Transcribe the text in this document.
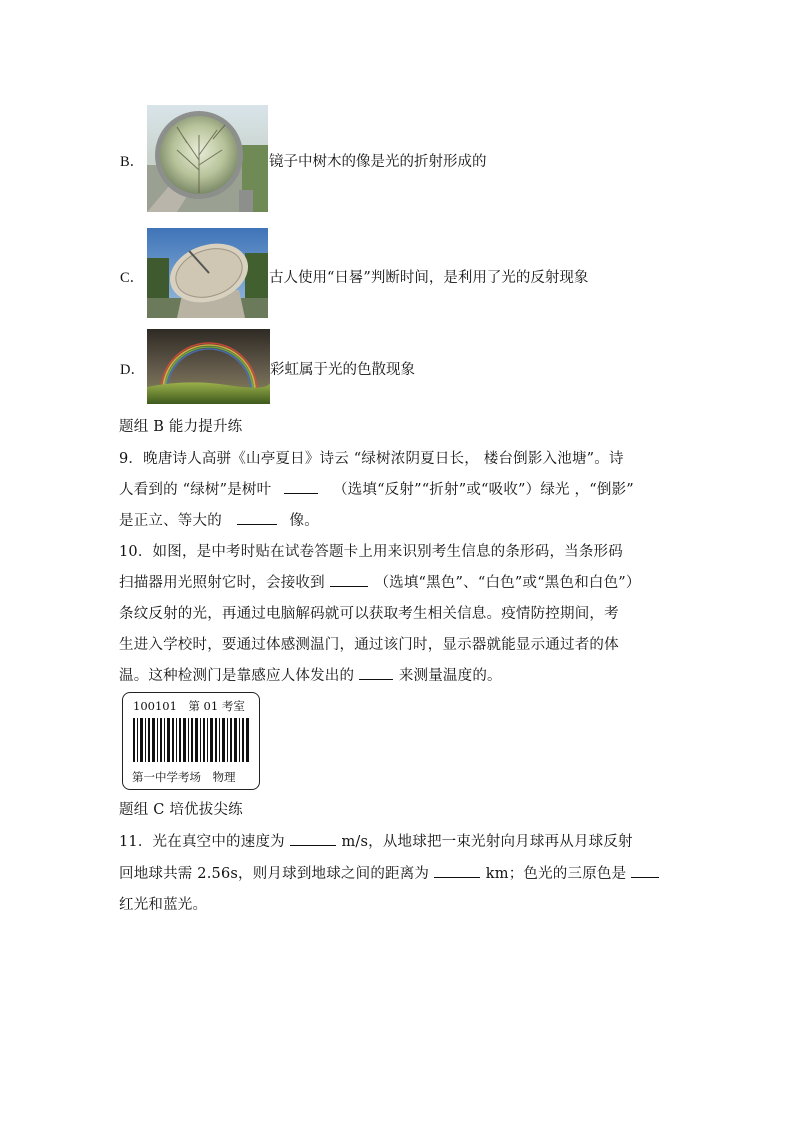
B．	镜子中树木的像是光的折射形成的
C．	古人使用“日晷”判断时间，是利用了光的反射现象
D．	彩虹属于光的色散现象
题组 B 能力提升练
9．晚唐诗人高骈《山亭夏日》诗云 “绿树浓阴夏日长， 楼台倒影入池塘”。诗
人看到的 “绿树”是树叶	（选填“反射”“折射”或“吸收”）绿光 ，“倒影”
是正立、等大的	像。
10．如图，是中考时贴在试卷答题卡上用来识别考生信息的条形码，当条形码
扫描器用光照射它时，会接收到	（选填“黑色”、“白色”或“黑色和白色”）
条纹反射的光，再通过电脑解码就可以获取考生相关信息。疫情防控期间，考
生进入学校时，要通过体感测温门，通过该门时，显示器就能显示通过者的体
温。这种检测门是靠感应人体发出的	来测量温度的。
100101　第 01 考室
第一中学考场　物理
题组 C 培优拔尖练
11．光在真空中的速度为	m/s，从地球把一束光射向月球再从月球反射
回地球共需 2.56s，则月球到地球之间的距离为	km；色光的三原色是
红光和蓝光。
